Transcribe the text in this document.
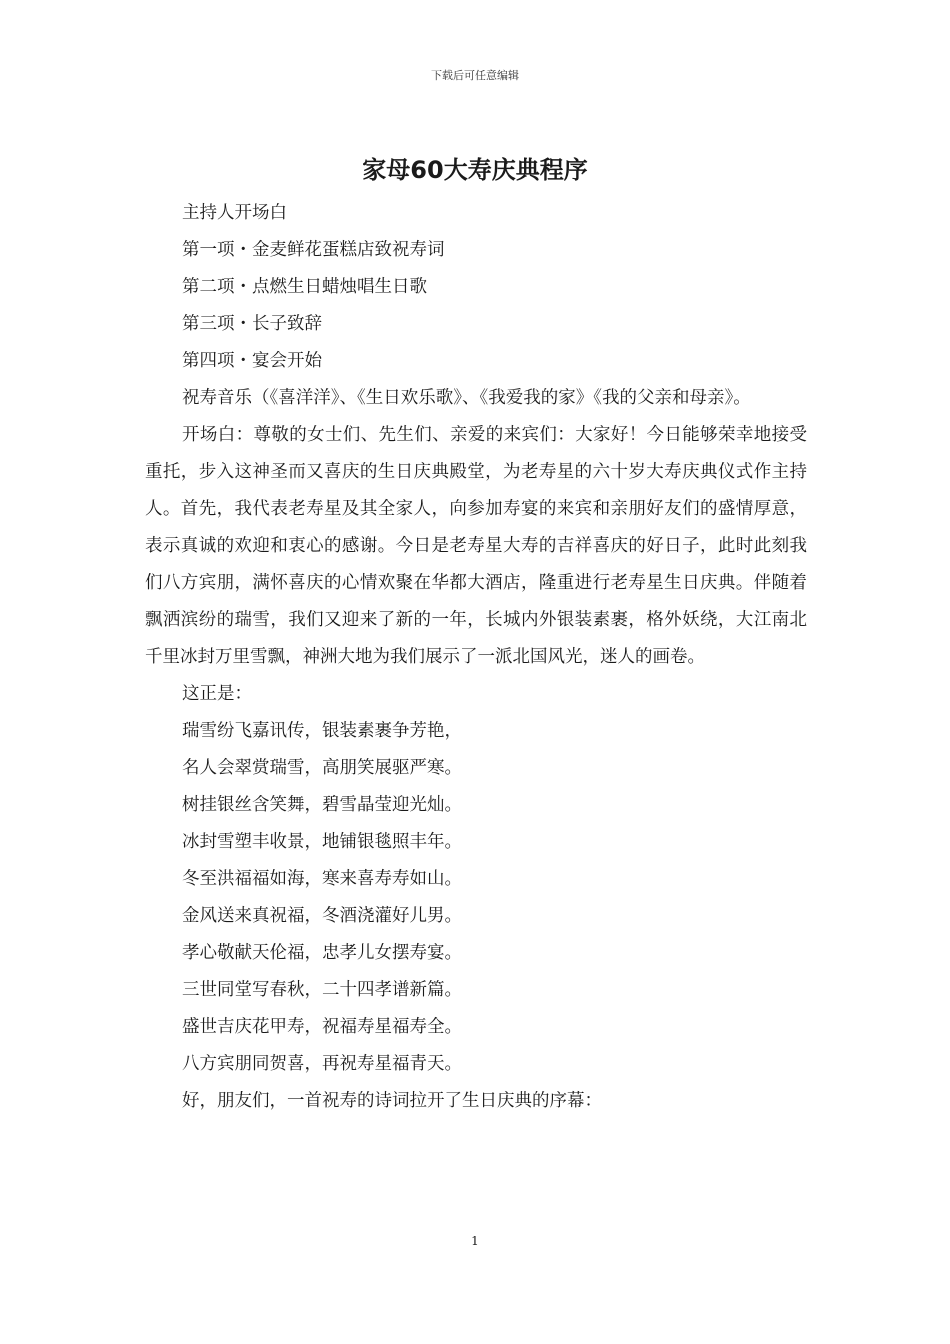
下载后可任意编辑
家母60大寿庆典程序
主持人开场白
第一项・金麦鲜花蛋糕店致祝寿词
第二项・点燃生日蜡烛唱生日歌
第三项・长子致辞
第四项・宴会开始

祝寿音乐（《喜洋洋》、《生日欢乐歌》、《我爱我的家》《我的父亲和母亲》。

开场白：尊敬的女士们、先生们、亲爱的来宾们：大家好！今日能够荣幸地接受重托，步入这神圣而又喜庆的生日庆典殿堂，为老寿星的六十岁大寿庆典仪式作主持人。首先，我代表老寿星及其全家人，向参加寿宴的来宾和亲朋好友们的盛情厚意，表示真诚的欢迎和衷心的感谢。今日是老寿星大寿的吉祥喜庆的好日子，此时此刻我们八方宾朋，满怀喜庆的心情欢聚在华都大酒店，隆重进行老寿星生日庆典。伴随着飘洒滨纷的瑞雪，我们又迎来了新的一年，长城内外银装素裹，格外妖绕，大江南北千里冰封万里雪飘，神洲大地为我们展示了一派北国风光，迷人的画卷。

这正是：
瑞雪纷飞嘉讯传，银装素裹争芳艳，
名人会翠赏瑞雪，高朋笑展驱严寒。
树挂银丝含笑舞，碧雪晶莹迎光灿。
冰封雪塑丰收景，地铺银毯照丰年。
冬至洪福福如海，寒来喜寿寿如山。
金风送来真祝福，冬酒浇灌好儿男。
孝心敬献天伦福，忠孝儿女摆寿宴。
三世同堂写春秋，二十四孝谱新篇。
盛世吉庆花甲寿，祝福寿星福寿全。
八方宾朋同贺喜，再祝寿星福青天。
好，朋友们，一首祝寿的诗词拉开了生日庆典的序幕：
1
